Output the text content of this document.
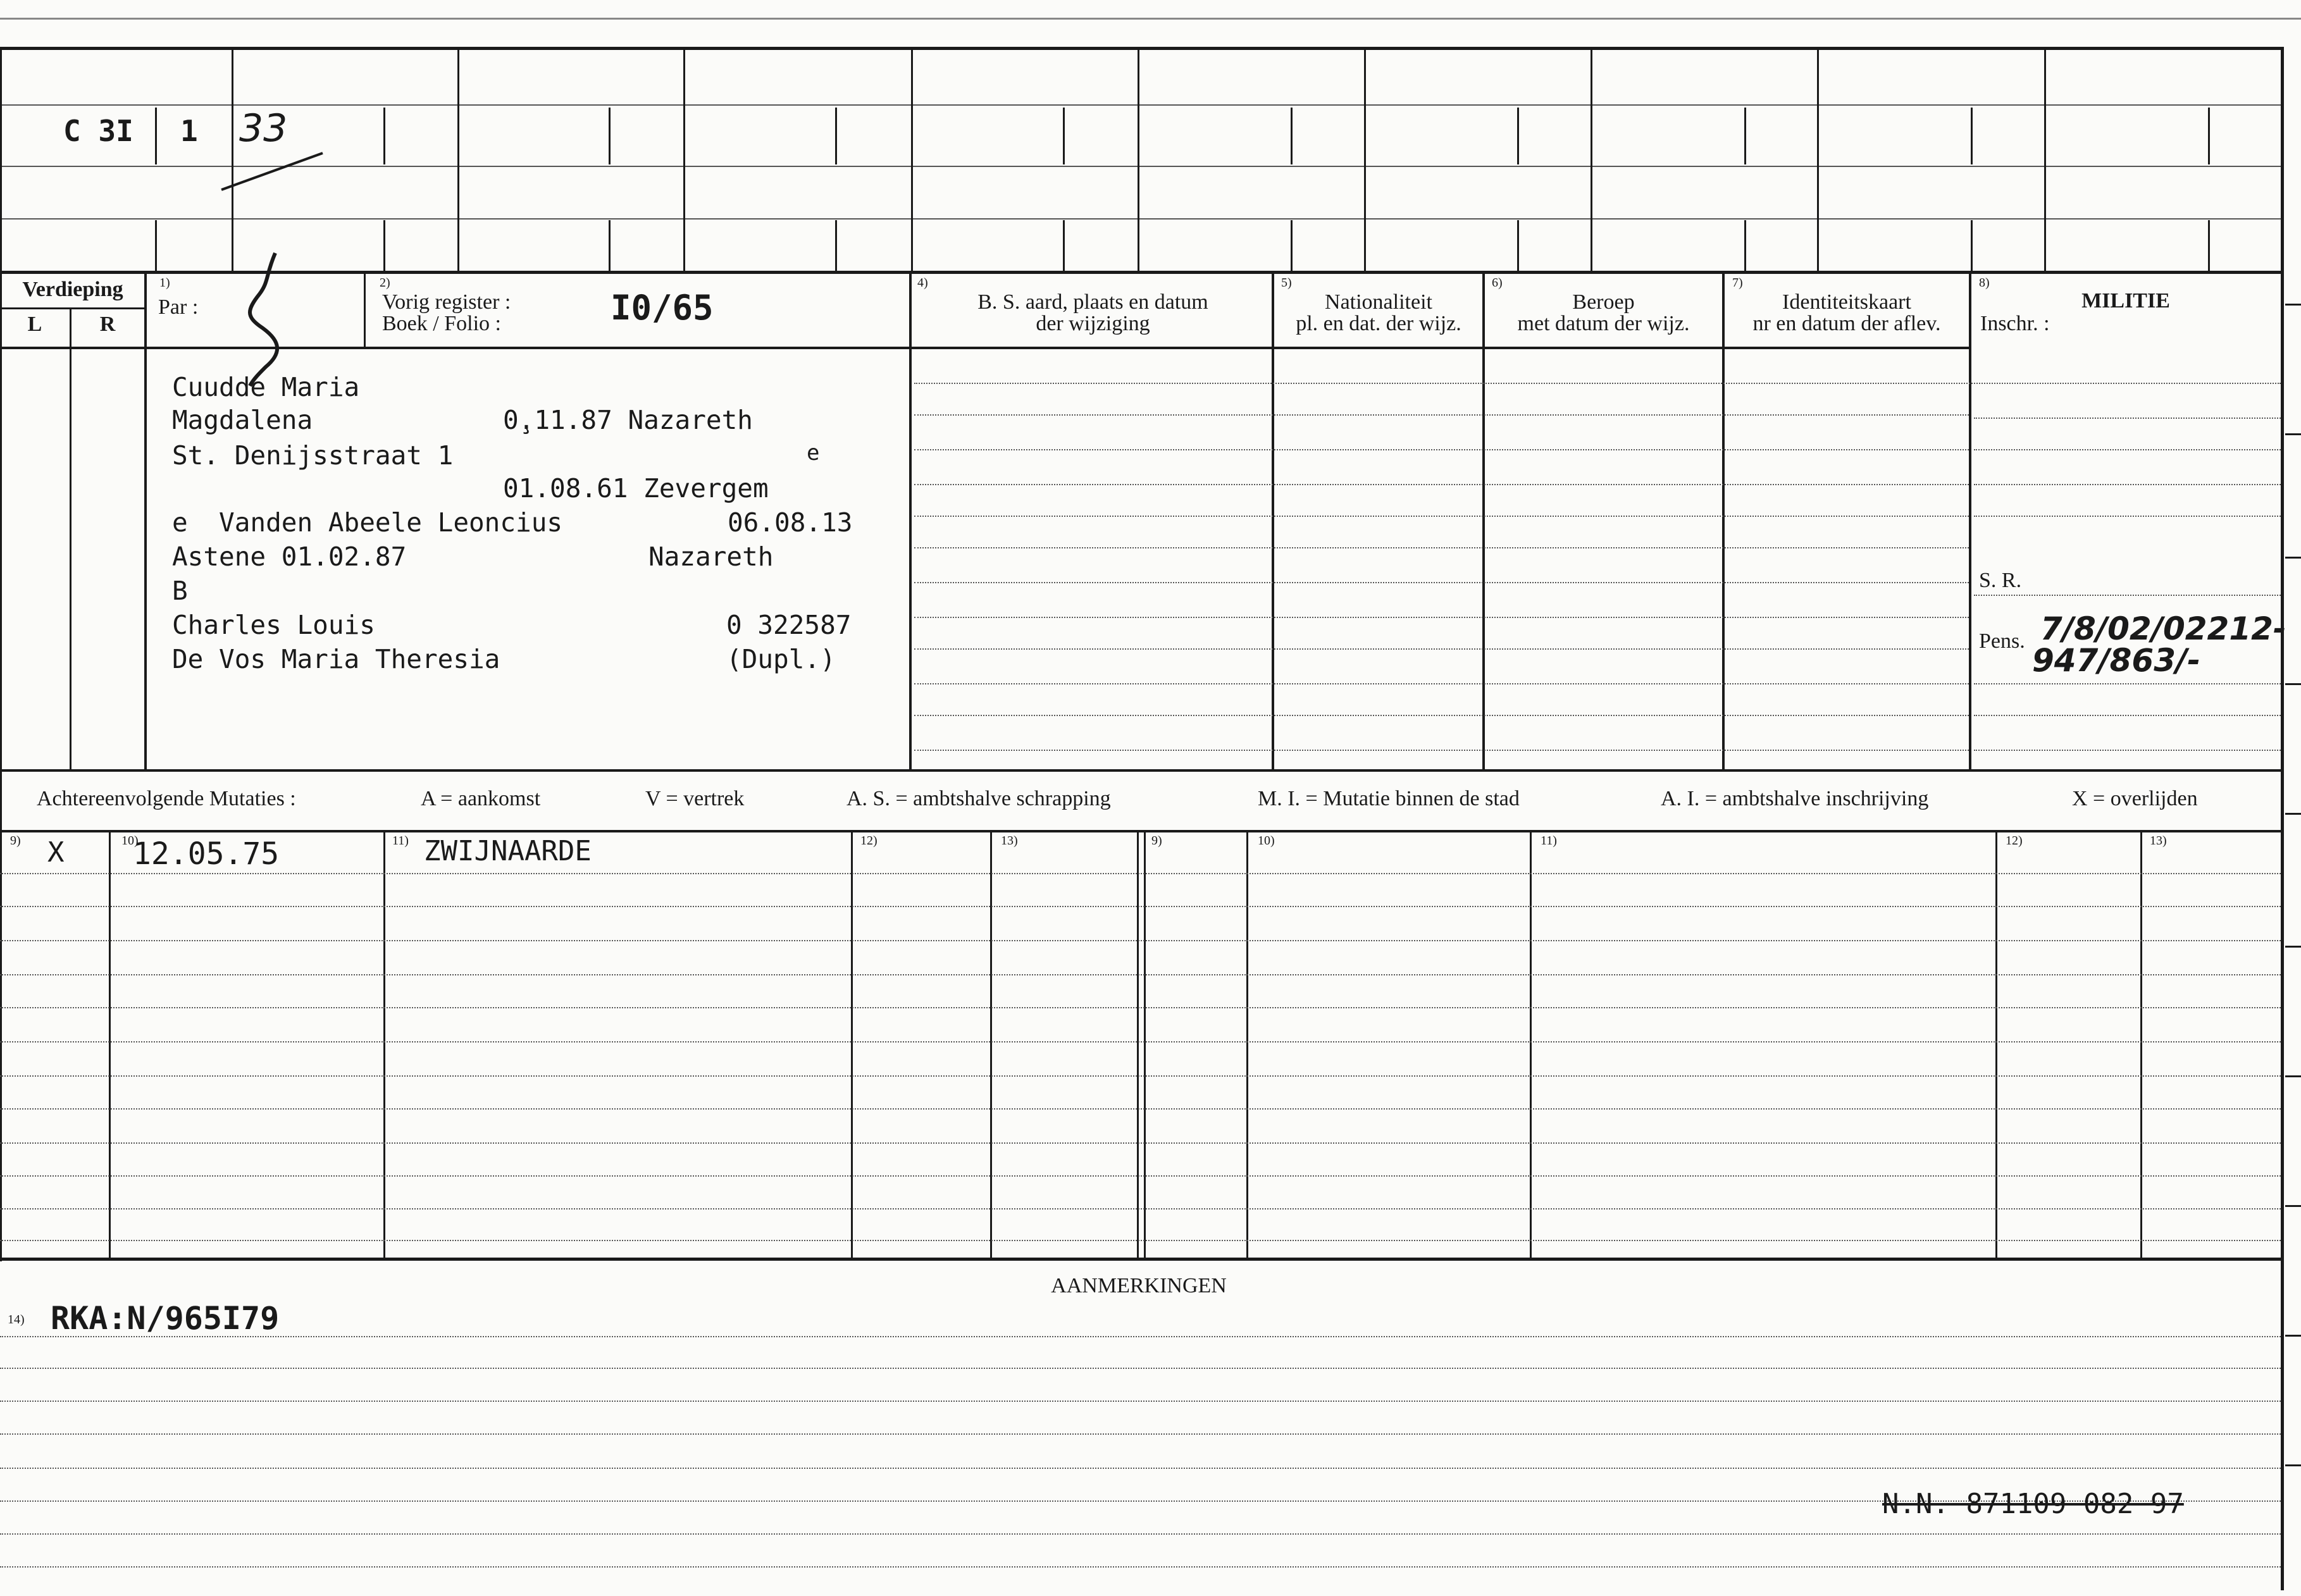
C 3I 1 33
Verdieping
L	R
1)
Par :
2)
Vorig register :
Boek / Folio :	I0/65
4)
B. S. aard, plaats en datum
der wijziging
5)
Nationaliteit
pl. en dat. der wijz.
6)
Beroep
met datum der wijz.
7)
Identiteitskaart
nr en datum der aflev.
8)
MILITIE
Inschr. :
S. R.
Pens. 7/8/02/02212-
947/863/-
Cuudde Maria
Magdalena	0̧.11.87 Nazareth
St. Denijsstraat 1	e
01.08.61 Zevergem
e  Vanden Abeele Leoncius	06.08.13
Astene 01.02.87	Nazareth
B
Charles Louis	0 322587
De Vos Maria Theresia	(Dupl.)
Achtereenvolgende Mutaties :	A = aankomst	V = vertrek	A. S. = ambtshalve schrapping	M. I. = Mutatie binnen de stad	A. I. = ambtshalve inschrijving	X = overlijden
9)	10)	11)	12)	13)	9)	10)	11)	12)	13)
X 12.05.75	ZWIJNAARDE
AANMERKINGEN
14) RKA:N/965I79
N.N. 871109 082 97
